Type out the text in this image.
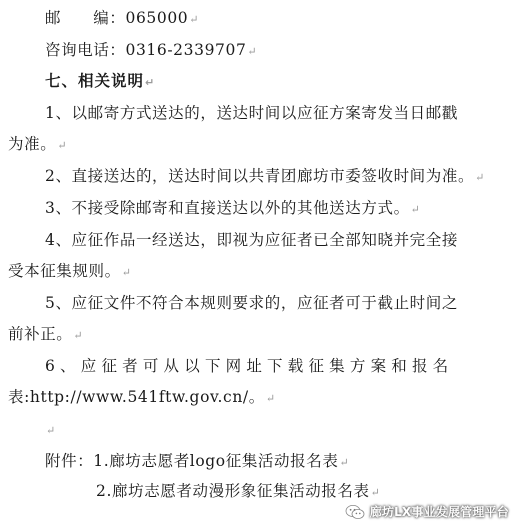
邮　　编：065000↵
咨询电话：0316-2339707↵
七、相关说明↵
1、以邮寄方式送达的，送达时间以应征方案寄发当日邮戳
为准。↵
2、直接送达的，送达时间以共青团廊坊市委签收时间为准。↵
3、不接受除邮寄和直接送达以外的其他送达方式。↵
4、应征作品一经送达，即视为应征者已全部知晓并完全接
受本征集规则。↵
5、应征文件不符合本规则要求的，应征者可于截止时间之
前补正。↵
6、应征者可从以下网址下载征集方案和报名
表:http://www.541ftw.gov.cn/。↵
↵
附件：1.廊坊志愿者logo征集活动报名表↵
2.廊坊志愿者动漫形象征集活动报名表↵
廊坊LX事业发展管理平台
